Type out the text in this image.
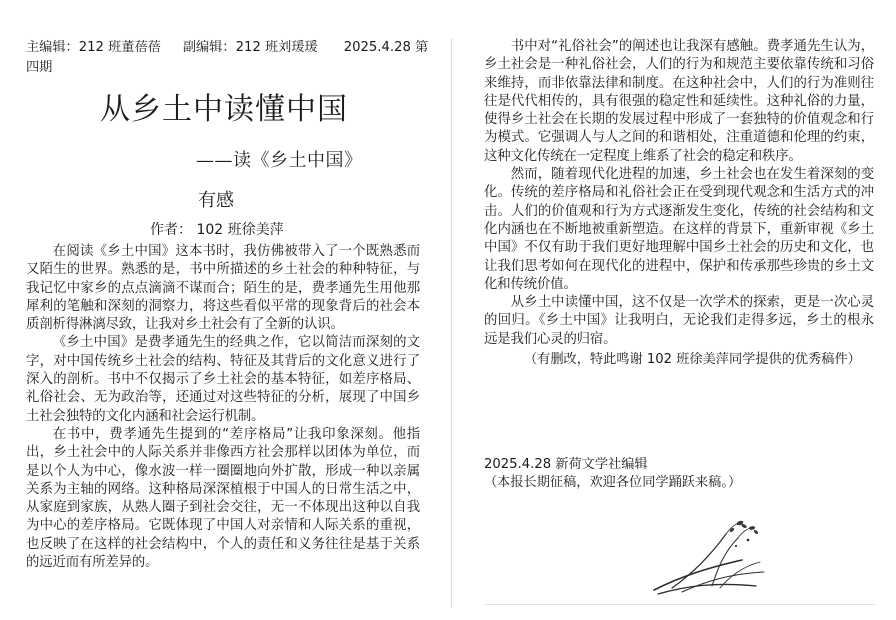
主编辑：212 班董蓓蓓 副编辑：212 班刘瑗瑗 2025.4.28 第
四期
从乡土中读懂中国
——读《乡土中国》
有感
作者： 102 班徐美萍

在阅读《乡土中国》这本书时，我仿佛被带入了一个既熟悉而又陌生的世界。熟悉的是，书中所描述的乡土社会的种种特征，与我记忆中家乡的点点滴滴不谋而合；陌生的是，费孝通先生用他那犀利的笔触和深刻的洞察力，将这些看似平常的现象背后的社会本质剖析得淋漓尽致，让我对乡土社会有了全新的认识。

《乡土中国》是费孝通先生的经典之作，它以简洁而深刻的文字，对中国传统乡土社会的结构、特征及其背后的文化意义进行了深入的剖析。书中不仅揭示了乡土社会的基本特征，如差序格局、礼俗社会、无为政治等，还通过对这些特征的分析，展现了中国乡土社会独特的文化内涵和社会运行机制。

在书中，费孝通先生提到的“差序格局”让我印象深刻。他指出，乡土社会中的人际关系并非像西方社会那样以团体为单位，而是以个人为中心，像水波一样一圈圈地向外扩散，形成一种以亲属关系为主轴的网络。这种格局深深植根于中国人的日常生活之中，从家庭到家族，从熟人圈子到社会交往，无一不体现出这种以自我为中心的差序格局。它既体现了中国人对亲情和人际关系的重视，也反映了在这样的社会结构中，个人的责任和义务往往是基于关系的远近而有所差异的。

书中对“礼俗社会”的阐述也让我深有感触。费孝通先生认为，乡土社会是一种礼俗社会，人们的行为和规范主要依靠传统和习俗来维持，而非依靠法律和制度。在这种社会中，人们的行为准则往往是代代相传的，具有很强的稳定性和延续性。这种礼俗的力量，使得乡土社会在长期的发展过程中形成了一套独特的价值观念和行为模式。它强调人与人之间的和谐相处，注重道德和伦理的约束，这种文化传统在一定程度上维系了社会的稳定和秩序。

然而，随着现代化进程的加速，乡土社会也在发生着深刻的变化。传统的差序格局和礼俗社会正在受到现代观念和生活方式的冲击。人们的价值观和行为方式逐渐发生变化，传统的社会结构和文化内涵也在不断地被重新塑造。在这样的背景下，重新审视《乡土中国》不仅有助于我们更好地理解中国乡土社会的历史和文化，也让我们思考如何在现代化的进程中，保护和传承那些珍贵的乡土文化和传统价值。

从乡土中读懂中国，这不仅是一次学术的探索，更是一次心灵的回归。《乡土中国》让我明白，无论我们走得多远，乡土的根永远是我们心灵的归宿。

（有删改，特此鸣谢 102 班徐美萍同学提供的优秀稿件）
2025.4.28 新荷文学社编辑
（本报长期征稿，欢迎各位同学踊跃来稿。）
